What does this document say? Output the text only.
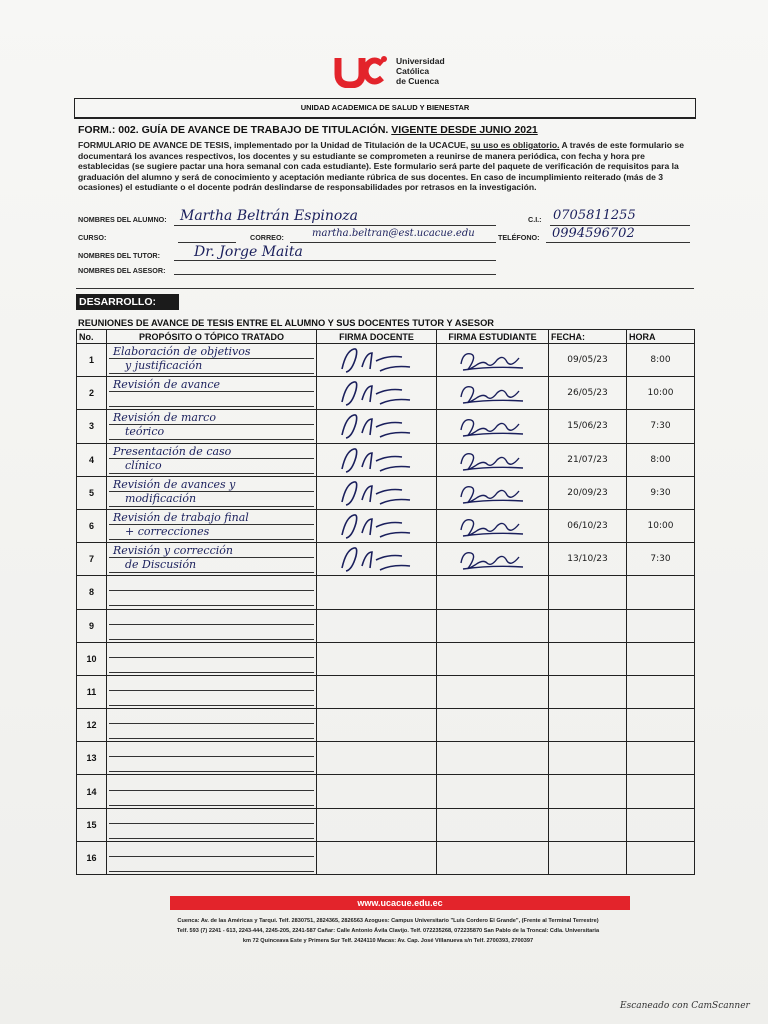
Universidad
Católica
de Cuenca
UNIDAD ACADEMICA DE SALUD Y BIENESTAR
FORM.: 002. GUÍA DE AVANCE DE TRABAJO DE TITULACIÓN. VIGENTE DESDE JUNIO 2021
FORMULARIO DE AVANCE DE TESIS, implementado por la Unidad de Titulación de la UCACUE, su uso es obligatorio. A través de este formulario se documentará los avances respectivos, los docentes y su estudiante se comprometen a reunirse de manera periódica, con fecha y hora pre establecidas (se sugiere pactar una hora semanal con cada estudiante). Este formulario será parte del paquete de verificación de requisitos para la graduación del alumno y será de conocimiento y aceptación mediante rúbrica de sus docentes. En caso de incumplimiento reiterado (más de 3 ocasiones) el estudiante o el docente podrán deslindarse de responsabilidades por retrasos en la investigación.
NOMBRES DEL ALUMNO: Martha Beltrán Espinoza	C.I.: 0705811255
CURSO:	CORREO:	martha.beltran@est.ucacue.edu	TELÉFONO: 0994596702
NOMBRES DEL TUTOR: Dr. Jorge Maita
NOMBRES DEL ASESOR:
DESARROLLO:
REUNIONES DE AVANCE DE TESIS ENTRE EL ALUMNO Y SUS DOCENTES TUTOR Y ASESOR
No.	PROPÓSITO O TÓPICO TRATADO	FIRMA DOCENTE	FIRMA ESTUDIANTE	FECHA:	HORA
1	Elaboración de objetivos
y justificación			09/05/23	8:00
2	Revisión de avance			26/05/23	10:00
3	Revisión de marco
teórico			15/06/23	7:30
4	Presentación de caso
clínico			21/07/23	8:00
5	Revisión de avances y
modificación			20/09/23	9:30
6	Revisión de trabajo final
+ correcciones			06/10/23	10:00
7	Revisión y corrección
de Discusión			13/10/23	7:30
8	

9	

10	

11	

12	

13	

14	

15	

16	

www.ucacue.edu.ec
Cuenca: Av. de las Américas y Tarqui. Telf. 2830751, 2824365, 2826563 Azogues: Campus Universitario "Luis Cordero El Grande", (Frente al Terminal Terrestre)
Telf. 593 (7) 2241 - 613, 2243-444, 2245-205, 2241-587 Cañar: Calle Antonio Ávila Clavijo. Telf. 072235268, 072235870 San Pablo de la Troncal: Cdla. Universitaria
km 72 Quinceava Este y Primera Sur Telf. 2424110 Macas: Av. Cap. José Villanueva s/n Telf. 2700393, 2700397
Escaneado con CamScanner
